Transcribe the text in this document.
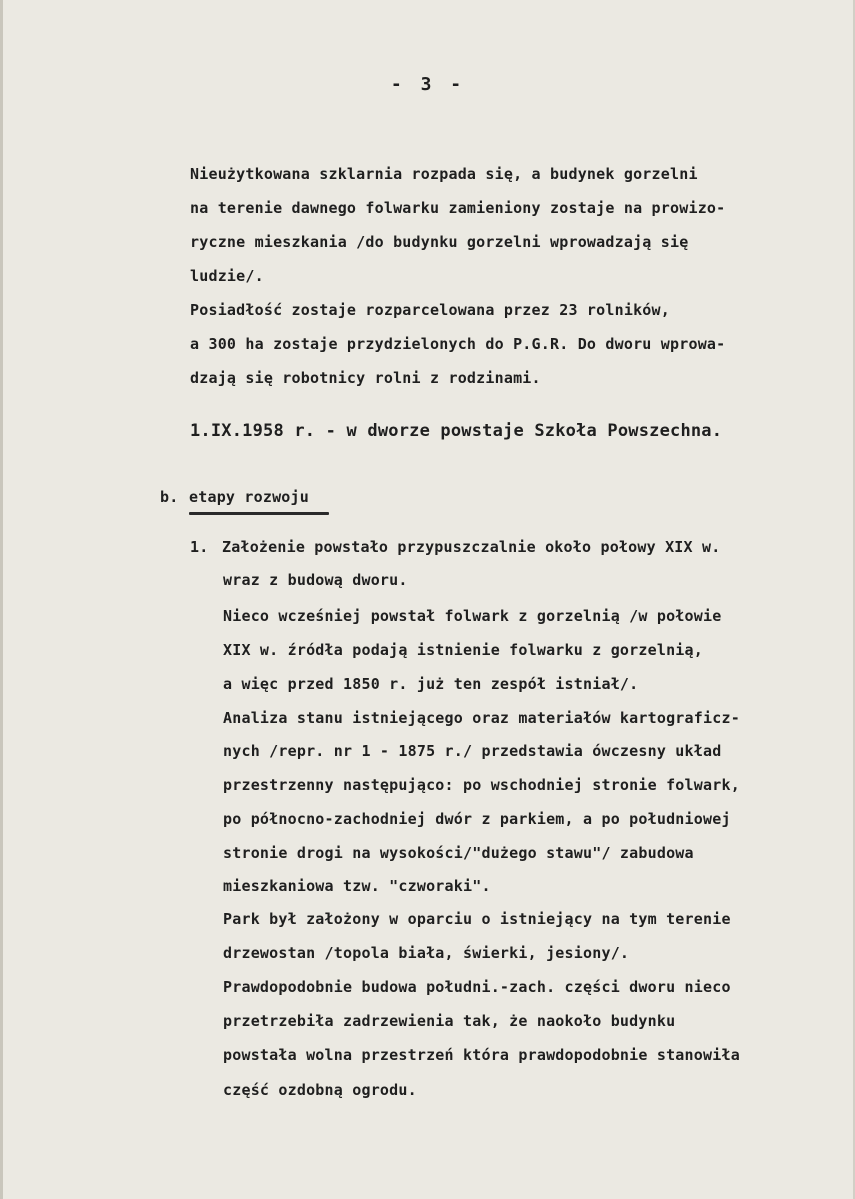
- 3 -
Nieużytkowana szklarnia rozpada się, a budynek gorzelni
na terenie dawnego folwarku zamieniony zostaje na prowizo-
ryczne mieszkania /do budynku gorzelni wprowadzają się
ludzie/.
Posiadłość zostaje rozparcelowana przez 23 rolników,
a 300 ha zostaje przydzielonych do P.G.R. Do dworu wprowa-
dzają się robotnicy rolni z rodzinami.
1.IX.1958 r. - w dworze powstaje Szkoła Powszechna.
b. etapy rozwoju
1. Założenie powstało przypuszczalnie około połowy XIX w.
wraz z budową dworu.
Nieco wcześniej powstał folwark z gorzelnią /w połowie
XIX w. źródła podają istnienie folwarku z gorzelnią,
a więc przed 1850 r. już ten zespół istniał/.
Analiza stanu istniejącego oraz materiałów kartograficz-
nych /repr. nr 1 - 1875 r./ przedstawia ówczesny układ
przestrzenny następująco: po wschodniej stronie folwark,
po północno-zachodniej dwór z parkiem, a po południowej
stronie drogi na wysokości/"dużego stawu"/ zabudowa
mieszkaniowa tzw. "czworaki".
Park był założony w oparciu o istniejący na tym terenie
drzewostan /topola biała, świerki, jesiony/.
Prawdopodobnie budowa południ.-zach. części dworu nieco
przetrzebiła zadrzewienia tak, że naokoło budynku
powstała wolna przestrzeń która prawdopodobnie stanowiła
część ozdobną ogrodu.
